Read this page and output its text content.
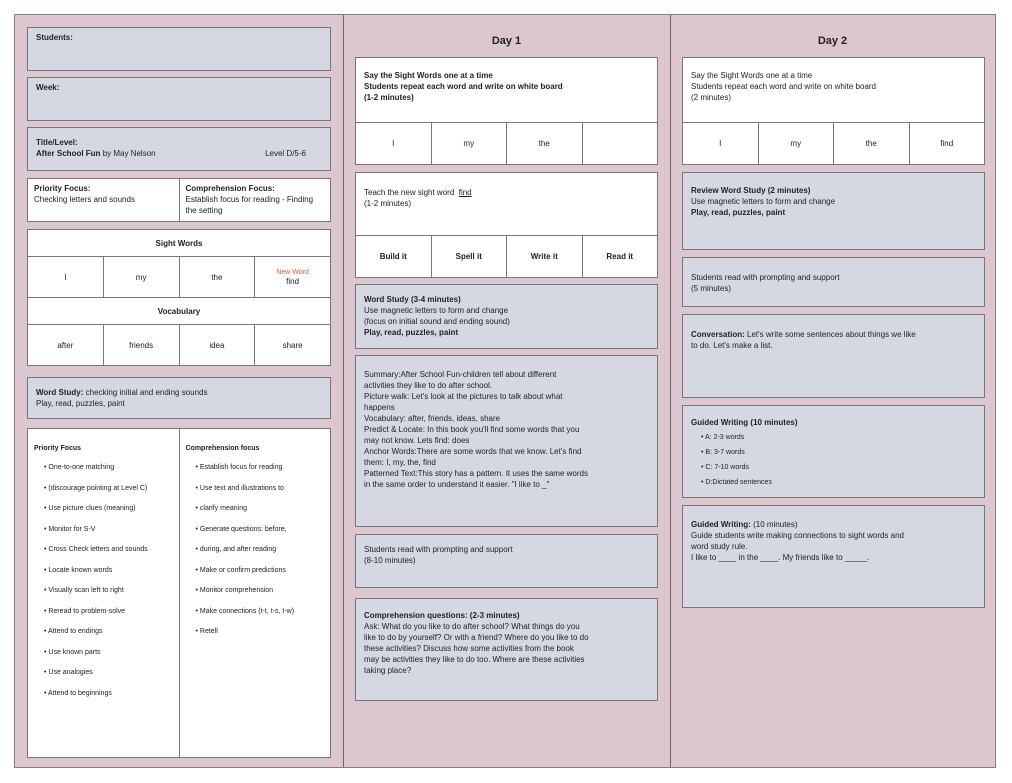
Students:
Week:
Title/Level:
After School Fun by May Nelson	Level D/5-6
Priority Focus:
Checking letters and sounds
Comprehension Focus:
Establish focus for reading - Finding the setting
Sight Words
I	my	the	New Word
find
Vocabulary
after	friends	idea	share
Word Study: checking initial and ending sounds
Play, read, puzzles, paint
Priority Focus
• One-to-one matching
• (discourage pointing at Level C)
• Use picture clues (meaning)
• Monitor for S-V
• Cross Check letters and sounds
• Locate known words
• Visually scan left to right
• Reread to problem-solve
• Attend to endings
• Use known parts
• Use analogies
• Attend to beginnings
Comprehension focus
• Establish focus for reading
• Use text and illustrations to
• clarify meaning
• Generate questions: before,
• during, and after reading
• Make or confirm predictions
• Monitor comprehension
• Make connections (t-t, t-s, t-w)
• Retell
Day 1
Say the Sight Words one at a time
Students repeat each word and write on white board
(1-2 minutes)
I	my	the
Teach the new sight word find
(1-2 minutes)
Build it	Spell it	Write it	Read it
Word Study (3-4 minutes)
Use magnetic letters to form and change
(focus on initial sound and ending sound)
Play, read, puzzles, paint
Summary:After School Fun-children tell about different
activities they like to do after school.
Picture walk: Let's look at the pictures to talk about what
happens
Vocabulary: after, friends, ideas, share
Predict & Locate: In this book you'll find some words that you
may not know. Lets find: does
Anchor Words:There are some words that we know. Let's find
them: I, my, the, find
Patterned Text:This story has a pattern. It uses the same words
in the same order to understand it easier. "I like to _"
Students read with prompting and support
(8-10 minutes)
Comprehension questions: (2-3 minutes)
Ask: What do you like to do after school? What things do you
like to do by yourself? Or with a friend? Where do you like to do
these activities? Discuss how some activities from the book
may be activities they like to do too. Where are these activities
taking place?
Day 2
Say the Sight Words one at a time
Students repeat each word and write on white board
(2 minutes)
I	my	the	find
Review Word Study (2 minutes)
Use magnetic letters to form and change
Play, read, puzzles, paint
Students read with prompting and support
(5 minutes)
Conversation: Let's write some sentences about things we like
to do. Let's make a list.
Guided Writing (10 minutes)
• A: 2-3 words
• B: 3-7 words
• C: 7-10 words
• D:Dictated sentences
Guided Writing: (10 minutes)
Guide students write making connections to sight words and
word study rule.
I like to ____ in the ____. My friends like to _____.
